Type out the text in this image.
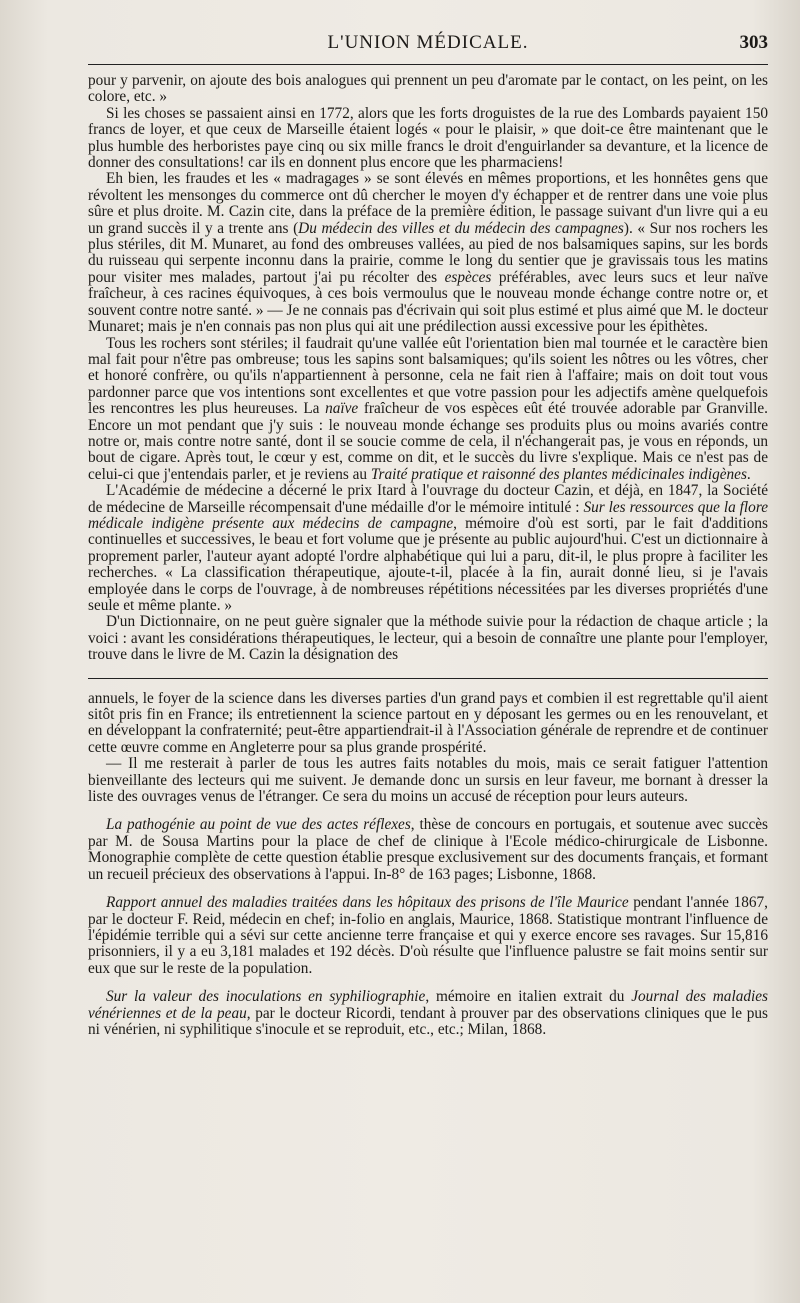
L'UNION MÉDICALE.	303

pour y parvenir, on ajoute des bois analogues qui prennent un peu d'aromate par le contact, on les peint, on les colore, etc. »

Si les choses se passaient ainsi en 1772, alors que les forts droguistes de la rue des Lombards payaient 150 francs de loyer, et que ceux de Marseille étaient logés « pour le plaisir, » que doit-ce être maintenant que le plus humble des herboristes paye cinq ou six mille francs le droit d'enguirlander sa devanture, et la licence de donner des consultations! car ils en donnent plus encore que les pharmaciens!

Eh bien, les fraudes et les « madragages » se sont élevés en mêmes proportions, et les honnêtes gens que révoltent les mensonges du commerce ont dû chercher le moyen d'y échapper et de rentrer dans une voie plus sûre et plus droite. M. Cazin cite, dans la préface de la première édition, le passage suivant d'un livre qui a eu un grand succès il y a trente ans (Du médecin des villes et du médecin des campagnes). « Sur nos rochers les plus stériles, dit M. Munaret, au fond des ombreuses vallées, au pied de nos balsamiques sapins, sur les bords du ruisseau qui serpente inconnu dans la prairie, comme le long du sentier que je gravissais tous les matins pour visiter mes malades, partout j'ai pu récolter des espèces préférables, avec leurs sucs et leur naïve fraîcheur, à ces racines équivoques, à ces bois vermoulus que le nouveau monde échange contre notre or, et souvent contre notre santé. » — Je ne connais pas d'écrivain qui soit plus estimé et plus aimé que M. le docteur Munaret; mais je n'en connais pas non plus qui ait une prédilection aussi excessive pour les épithètes.

Tous les rochers sont stériles; il faudrait qu'une vallée eût l'orientation bien mal tournée et le caractère bien mal fait pour n'être pas ombreuse; tous les sapins sont balsamiques; qu'ils soient les nôtres ou les vôtres, cher et honoré confrère, ou qu'ils n'appartiennent à personne, cela ne fait rien à l'affaire; mais on doit tout vous pardonner parce que vos intentions sont excellentes et que votre passion pour les adjectifs amène quelquefois les rencontres les plus heureuses. La naïve fraîcheur de vos espèces eût été trouvée adorable par Granville. Encore un mot pendant que j'y suis : le nouveau monde échange ses produits plus ou moins avariés contre notre or, mais contre notre santé, dont il se soucie comme de cela, il n'échangerait pas, je vous en réponds, un bout de cigare. Après tout, le cœur y est, comme on dit, et le succès du livre s'explique. Mais ce n'est pas de celui-ci que j'entendais parler, et je reviens au Traité pratique et raisonné des plantes médicinales indigènes.

L'Académie de médecine a décerné le prix Itard à l'ouvrage du docteur Cazin, et déjà, en 1847, la Société de médecine de Marseille récompensait d'une médaille d'or le mémoire intitulé : Sur les ressources que la flore médicale indigène présente aux médecins de campagne, mémoire d'où est sorti, par le fait d'additions continuelles et successives, le beau et fort volume que je présente au public aujourd'hui. C'est un dictionnaire à proprement parler, l'auteur ayant adopté l'ordre alphabétique qui lui a paru, dit-il, le plus propre à faciliter les recherches. « La classification thérapeutique, ajoute-t-il, placée à la fin, aurait donné lieu, si je l'avais employée dans le corps de l'ouvrage, à de nombreuses répétitions nécessitées par les diverses propriétés d'une seule et même plante. »

D'un Dictionnaire, on ne peut guère signaler que la méthode suivie pour la rédaction de chaque article ; la voici : avant les considérations thérapeutiques, le lecteur, qui a besoin de connaître une plante pour l'employer, trouve dans le livre de M. Cazin la désignation des

annuels, le foyer de la science dans les diverses parties d'un grand pays et combien il est regrettable qu'il aient sitôt pris fin en France; ils entretiennent la science partout en y déposant les germes ou en les renouvelant, et en développant la confraternité; peut-être appartiendrait-il à l'Association générale de reprendre et de continuer cette œuvre comme en Angleterre pour sa plus grande prospérité.

— Il me resterait à parler de tous les autres faits notables du mois, mais ce serait fatiguer l'attention bienveillante des lecteurs qui me suivent. Je demande donc un sursis en leur faveur, me bornant à dresser la liste des ouvrages venus de l'étranger. Ce sera du moins un accusé de réception pour leurs auteurs.

La pathogénie au point de vue des actes réflexes, thèse de concours en portugais, et soutenue avec succès par M. de Sousa Martins pour la place de chef de clinique à l'Ecole médico-chirurgicale de Lisbonne. Monographie complète de cette question établie presque exclusivement sur des documents français, et formant un recueil précieux des observations à l'appui. In-8° de 163 pages; Lisbonne, 1868.

Rapport annuel des maladies traitées dans les hôpitaux des prisons de l'île Maurice pendant l'année 1867, par le docteur F. Reid, médecin en chef; in-folio en anglais, Maurice, 1868. Statistique montrant l'influence de l'épidémie terrible qui a sévi sur cette ancienne terre française et qui y exerce encore ses ravages. Sur 15,816 prisonniers, il y a eu 3,181 malades et 192 décès. D'où résulte que l'influence palustre se fait moins sentir sur eux que sur le reste de la population.

Sur la valeur des inoculations en syphiliographie, mémoire en italien extrait du Journal des maladies vénériennes et de la peau, par le docteur Ricordi, tendant à prouver par des observations cliniques que le pus ni vénérien, ni syphilitique s'inocule et se reproduit, etc., etc.; Milan, 1868.
